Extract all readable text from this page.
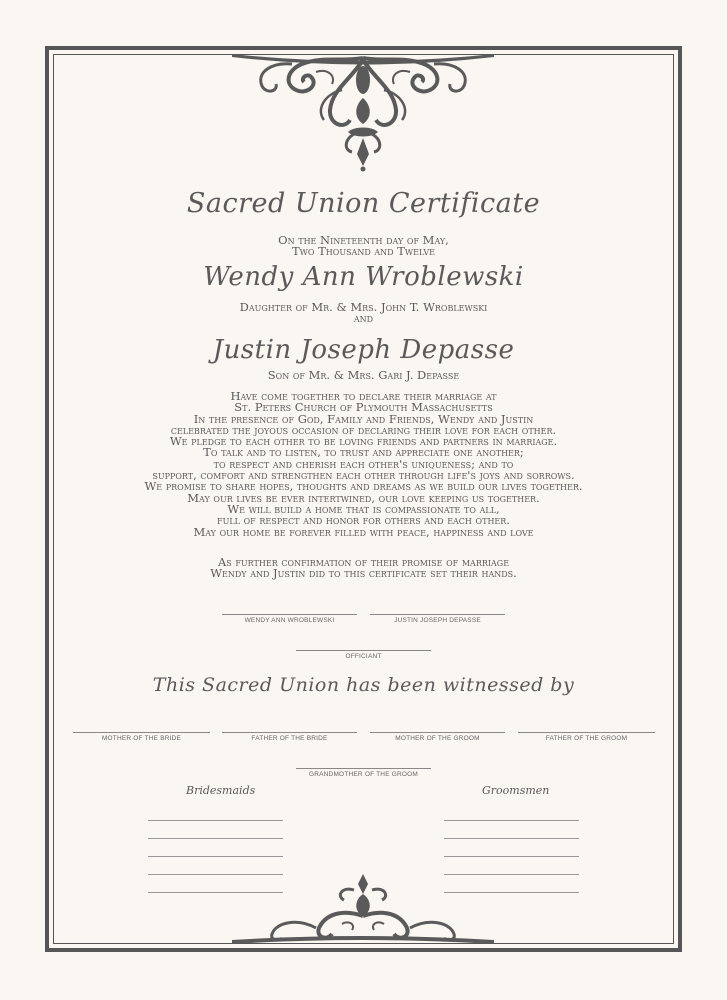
Sacred Union Certificate

On the Nineteenth day of May,
Two Thousand and Twelve

Wendy Ann Wroblewski

Daughter of Mr. & Mrs. John T. Wroblewski
and

Justin Joseph Depasse

Son of Mr. & Mrs. Gari J. Depasse

Have come together to declare their marriage at
St. Peters Church of Plymouth Massachusetts
In the presence of God, Family and Friends, Wendy and Justin
celebrated the joyous occasion of declaring their love for each other.
We pledge to each other to be loving friends and partners in marriage.
To talk and to listen, to trust and appreciate one another;
to respect and cherish each other's uniqueness; and to
support, comfort and strengthen each other through life's joys and sorrows.
We promise to share hopes, thoughts and dreams as we build our lives together.
May our lives be ever intertwined, our love keeping us together.
We will build a home that is compassionate to all,
full of respect and honor for others and each other.
May our home be forever filled with peace, happiness and love

As further confirmation of their promise of marriage
Wendy and Justin did to this certificate set their hands.

WENDY ANN WROBLEWSKI	JUSTIN JOSEPH DEPASSE
OFFICIANT
This Sacred Union has been witnessed by
MOTHER OF THE BRIDE	FATHER OF THE BRIDE	MOTHER OF THE GROOM	FATHER OF THE GROOM
GRANDMOTHER OF THE GROOM
Bridesmaids	Groomsmen
